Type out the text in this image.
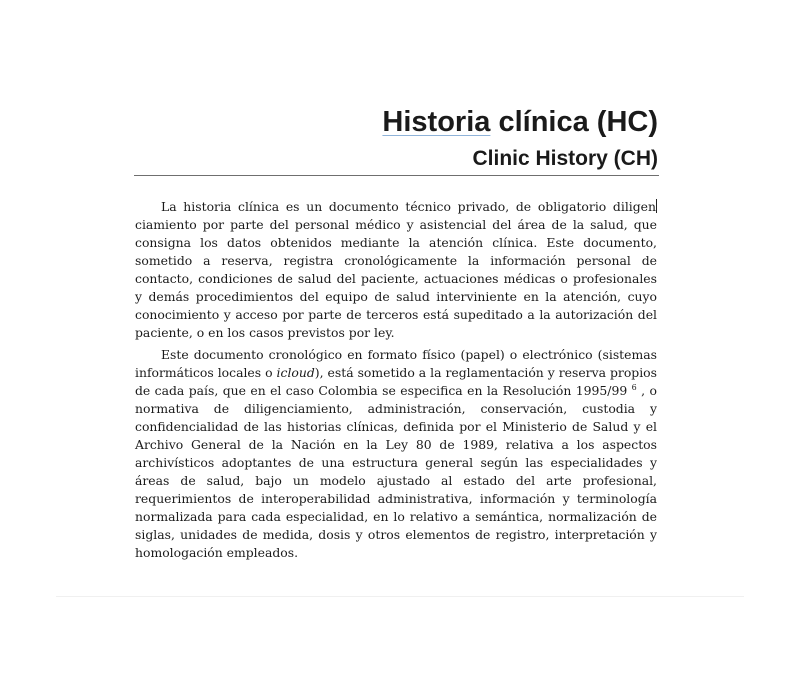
Historia clínica (HC)
Clinic History (CH)

La historia clínica es un documento técnico privado, de obligatorio diligenciamiento por parte del personal médico y asistencial del área de la salud, que consigna los datos obtenidos mediante la atención clínica. Este documento, sometido a reserva, registra cronológicamente la información personal de contacto, condiciones de salud del paciente, actuaciones médicas o profesionales y demás procedimientos del equipo de salud interviniente en la atención, cuyo conocimiento y acceso por parte de terceros está supeditado a la autorización del paciente, o en los casos previstos por ley.

Este documento cronológico en formato físico (papel) o electrónico (sistemas informáticos locales o icloud), está sometido a la reglamentación y reserva propios de cada país, que en el caso Colombia se especifica en la Resolución 1995/99 $^6$ , o normativa de diligenciamiento, administración, conservación, custodia y confidencialidad de las historias clínicas, definida por el Ministerio de Salud y el Archivo General de la Nación en la Ley 80 de 1989, relativa a los aspectos archivísticos adoptantes de una estructura general según las especialidades y áreas de salud, bajo un modelo ajustado al estado del arte profesional, requerimientos de interoperabilidad administrativa, información y terminología normalizada para cada especialidad, en lo relativo a semántica, normalización de siglas, unidades de medida, dosis y otros elementos de registro, interpretación y homologación empleados.
